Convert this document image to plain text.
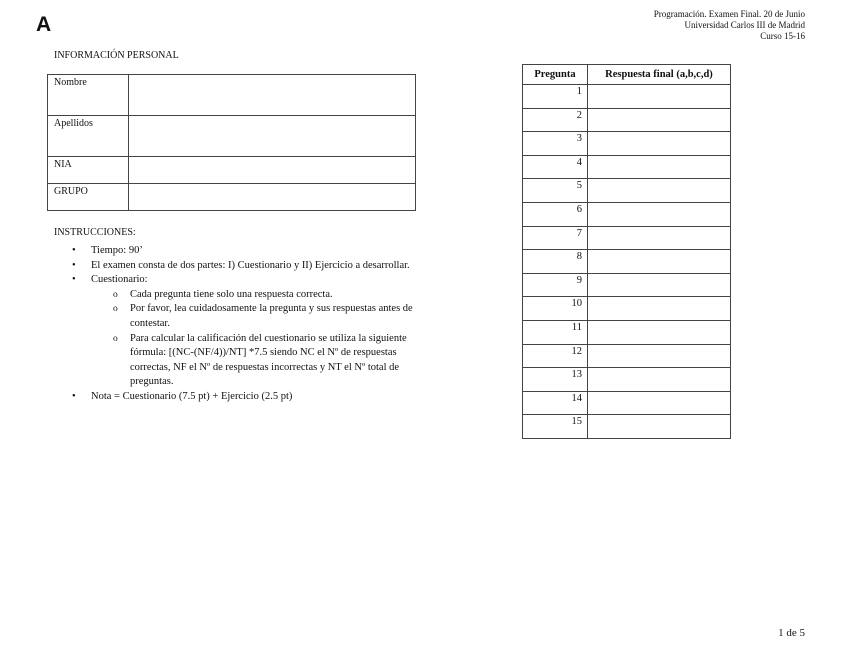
A	Programación. Examen Final. 20 de Junio
Universidad Carlos III de Madrid
Curso 15-16
INFORMACIÓN PERSONAL
Nombre	
Apellidos	
NIA	
GRUPO	
INSTRUCCIONES:
• Tiempo: 90’
• El examen consta de dos partes: I) Cuestionario y II) Ejercicio a desarrollar.
• Cuestionario:
o Cada pregunta tiene solo una respuesta correcta.
o Por favor, lea cuidadosamente la pregunta y sus respuestas antes de contestar.
o Para calcular la calificación del cuestionario se utiliza la siguiente fórmula: [(NC-(NF/4))/NT] *7.5 siendo NC el Nº de respuestas correctas, NF el Nº de respuestas incorrectas y NT el Nº total de preguntas.
• Nota = Cuestionario (7.5 pt) + Ejercicio (2.5 pt)
Pregunta	Respuesta final (a,b,c,d)
1	
2	
3	
4	
5	
6	
7	
8	
9	
10	
11	
12	
13	
14	
15	
1 de 5
